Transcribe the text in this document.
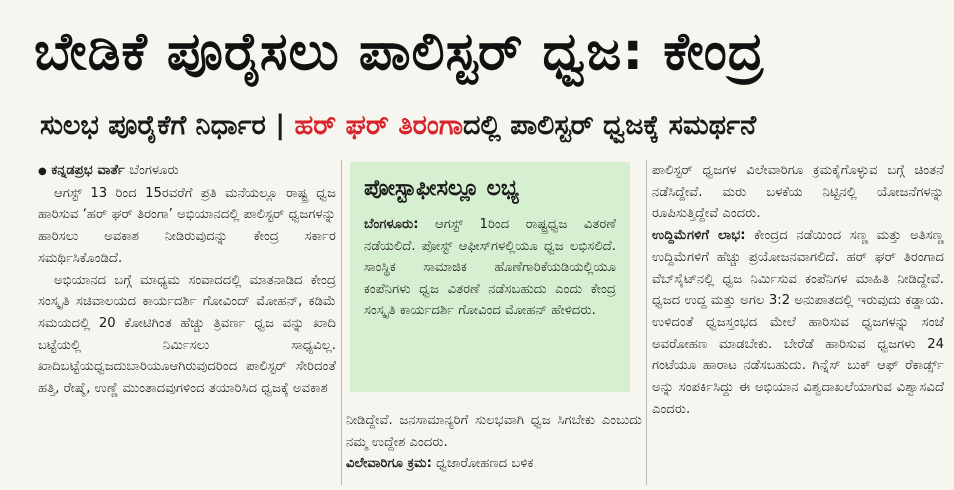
ಬೇಡಿಕೆ ಪೂರೈಸಲು ಪಾಲಿಸ್ಟರ್ ಧ್ವಜ: ಕೇಂದ್ರ
ಸುಲಭ ಪೂರೈಕೆಗೆ ನಿರ್ಧಾರ | ಹರ್ ಘರ್ ತಿರಂಗಾದಲ್ಲಿ ಪಾಲಿಸ್ಟರ್ ಧ್ವಜಕ್ಕೆ ಸಮರ್ಥನೆ

● ಕನ್ನಡಪ್ರಭ ವಾರ್ತೆ ಬೆಂಗಳೂರು

ಆಗಸ್ಟ್ 13 ರಿಂದ 15ರವರೆಗೆ ಪ್ರತಿ ಮನೆಯಲ್ಲೂ ರಾಷ್ಟ್ರ ಧ್ವಜ ಹಾರಿಸುವ ‘ಹರ್ ಘರ್ ತಿರಂಗಾ’ ಅಭಿಯಾನದಲ್ಲಿ ಪಾಲಿಸ್ಟರ್ ಧ್ವಜಗಳನ್ನು ಹಾರಿಸಲು ಅವಕಾಶ ನೀಡಿರುವುದನ್ನು ಕೇಂದ್ರ ಸರ್ಕಾರ ಸಮರ್ಥಿಸಿಕೊಂಡಿದೆ.

ಅಭಿಯಾನದ ಬಗ್ಗೆ ಮಾಧ್ಯಮ ಸಂವಾದದಲ್ಲಿ ಮಾತನಾಡಿದ ಕೇಂದ್ರ ಸಂಸ್ಕೃತಿ ಸಚಿವಾಲಯದ ಕಾರ್ಯದರ್ಶಿ ಗೋವಿಂದ್ ಮೋಹನ್, ಕಡಿಮೆ ಸಮಯದಲ್ಲಿ 20 ಕೋಟಿಗಿಂತ ಹೆಚ್ಚು ತ್ರಿವರ್ಣ ಧ್ವಜ ವನ್ನು ಖಾದಿ ಬಟ್ಟೆಯಲ್ಲಿ ನಿರ್ಮಿಸಲು ಸಾಧ್ಯವಿಲ್ಲ. ಖಾದಿಬಟ್ಟೆಯಧ್ವಜದುಬಾರಿಯೂಆಗಿರುವುದರಿಂದ ಪಾಲಿಸ್ಟರ್ ಸೇರಿದಂತೆ ಹತ್ತಿ, ರೇಷ್ಮೆ, ಉಣ್ಣೆ ಮುಂತಾದವುಗಳಿಂದ ತಯಾರಿಸಿದ ಧ್ವಜಕ್ಕೆ ಅವಕಾಶ

ಪೋಸ್ಟಾಫೀಸಲ್ಲೂ ಲಭ್ಯ
ಬೆಂಗಳೂರು: ಆಗಸ್ಟ್ 1ರಿಂದ ರಾಷ್ಟ್ರಧ್ವಜ ವಿತರಣೆ ನಡೆಯಲಿದೆ. ಪೋಸ್ಟ್ ಆಫೀಸ್‌ಗಳಲ್ಲಿಯೂ ಧ್ವಜ ಲಭಿಸಲಿದೆ. ಸಾಂಸ್ಥಿಕ ಸಾಮಾಜಿಕ ಹೊಣೆಗಾರಿಕೆಯಡಿಯಲ್ಲಿಯೂ ಕಂಪೆನಿಗಳು ಧ್ವಜ ವಿತರಣೆ ನಡೆಸಬಹುದು ಎಂದು ಕೇಂದ್ರ ಸಂಸ್ಕೃತಿ ಕಾರ್ಯದರ್ಶಿ ಗೋವಿಂದ ಮೋಹನ್ ಹೇಳಿದರು.

ನೀಡಿದ್ದೇವೆ. ಜನಸಾಮಾನ್ಯರಿಗೆ ಸುಲಭವಾಗಿ ಧ್ವಜ ಸಿಗಬೇಕು ಎಂಬುದು ನಮ್ಮ ಉದ್ದೇಶ ಎಂದರು.

ವಿಲೇವಾರಿಗೂ ಕ್ರಮ: ಧ್ವಜಾರೋಹಣದ ಬಳಿಕ

ಪಾಲಿಸ್ಟರ್ ಧ್ವಜಗಳ ವಿಲೇವಾರಿಗೂ ಕ್ರಮಕೈಗೊಳ್ಳುವ ಬಗ್ಗೆ ಚಿಂತನೆ ನಡೆಸಿದ್ದೇವೆ. ಮರು ಬಳಕೆಯ ನಿಟ್ಟಿನಲ್ಲಿ ಯೋಜನೆಗಳನ್ನು ರೂಪಿಸುತ್ತಿದ್ದೇವೆ ಎಂದರು.

ಉದ್ದಿಮೆಗಳಿಗೆ ಲಾಭ: ಕೇಂದ್ರದ ನಡೆಯಿಂದ ಸಣ್ಣ ಮತ್ತು ಅತಿಸಣ್ಣ ಉದ್ದಿಮೆಗಳಿಗೆ ಹೆಚ್ಚು ಪ್ರಯೋಜನವಾಗಲಿದೆ. ಹರ್ ಘರ್ ತಿರಂಗಾದ ವೆಬ್‌ಸೈಟ್‌ನಲ್ಲಿ ಧ್ವಜ ನಿರ್ಮಿಸುವ ಕಂಪೆನಿಗಳ ಮಾಹಿತಿ ನೀಡಿದ್ದೇವೆ. ಧ್ವಜದ ಉದ್ದ ಮತ್ತು ಅಗಲ 3:2 ಅನುಪಾತದಲ್ಲಿ ಇರುವುದು ಕಡ್ಡಾಯ. ಉಳಿದಂತೆ ಧ್ವಜಸ್ತಂಭದ ಮೇಲೆ ಹಾರಿಸುವ ಧ್ವಜಗಳನ್ನು ಸಂಜೆ ಅವರೋಹಣ ಮಾಡಬೇಕು. ಬೇರೆಡೆ ಹಾರಿಸುವ ಧ್ವಜಗಳು 24 ಗಂಟೆಯೂ ಹಾರಾಟ ನಡೆಸಬಹುದು. ಗಿನ್ನೆಸ್ ಬುಕ್ ಆಫ್ ರೆಕಾರ್ಡ್ಸ್ ಅನ್ನು ಸಂಪರ್ಕಿಸಿದ್ದು ಈ ಅಭಿಯಾನ ವಿಶ್ವದಾಖಲೆಯಾಗುವ ವಿಶ್ವಾಸವಿದೆ ಎಂದರು.
